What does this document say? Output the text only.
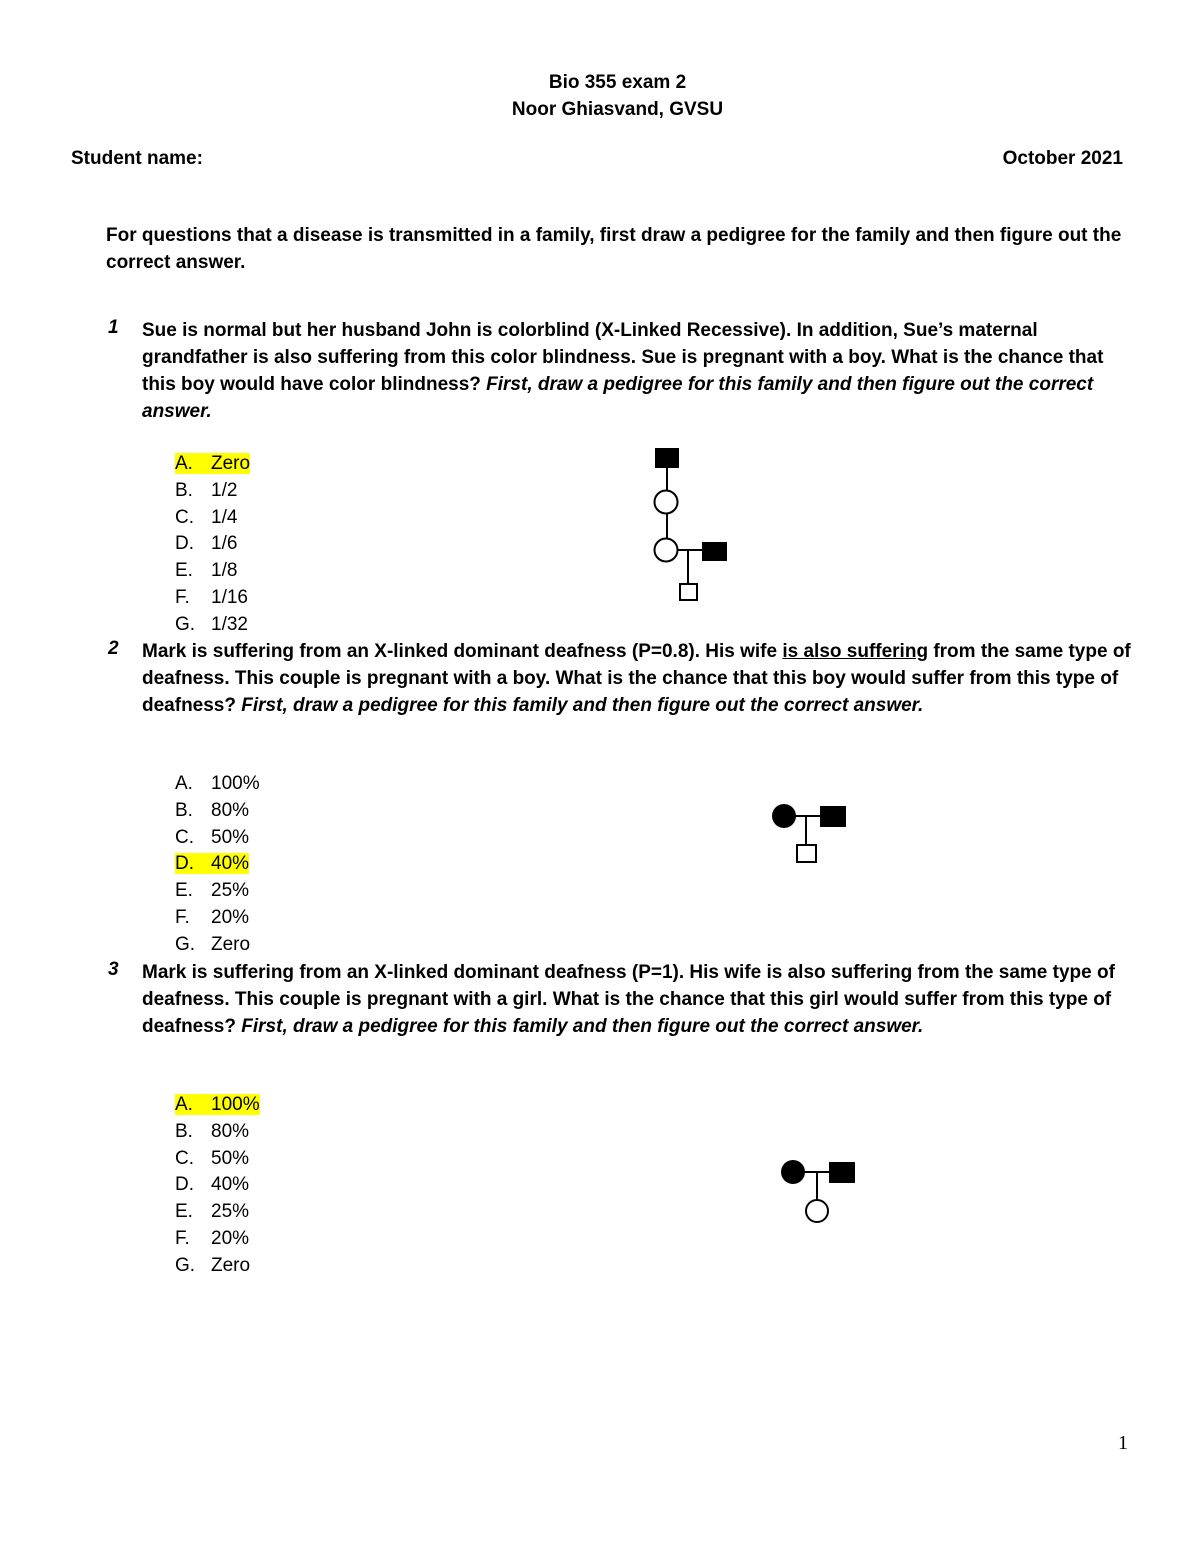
Bio 355 exam 2
Noor Ghiasvand, GVSU
Student name:	October 2021
For questions that a disease is transmitted in a family, first draw a pedigree for the family and then figure out the correct answer.
1 Sue is normal but her husband John is colorblind (X-Linked Recessive). In addition, Sue’s maternal grandfather is also suffering from this color blindness. Sue is pregnant with a boy. What is the chance that this boy would have color blindness? First, draw a pedigree for this family and then figure out the correct answer.
A. Zero
B. 1/2
C. 1/4
D. 1/6
E. 1/8
F. 1/16
G. 1/32
2 Mark is suffering from an X-linked dominant deafness (P=0.8). His wife is also suffering from the same type of deafness. This couple is pregnant with a boy. What is the chance that this boy would suffer from this type of deafness? First, draw a pedigree for this family and then figure out the correct answer.
A. 100%
B. 80%
C. 50%
D. 40%
E. 25%
F. 20%
G. Zero
3 Mark is suffering from an X-linked dominant deafness (P=1). His wife is also suffering from the same type of deafness. This couple is pregnant with a girl. What is the chance that this girl would suffer from this type of deafness? First, draw a pedigree for this family and then figure out the correct answer.
A. 100%
B. 80%
C. 50%
D. 40%
E. 25%
F. 20%
G. Zero
1
